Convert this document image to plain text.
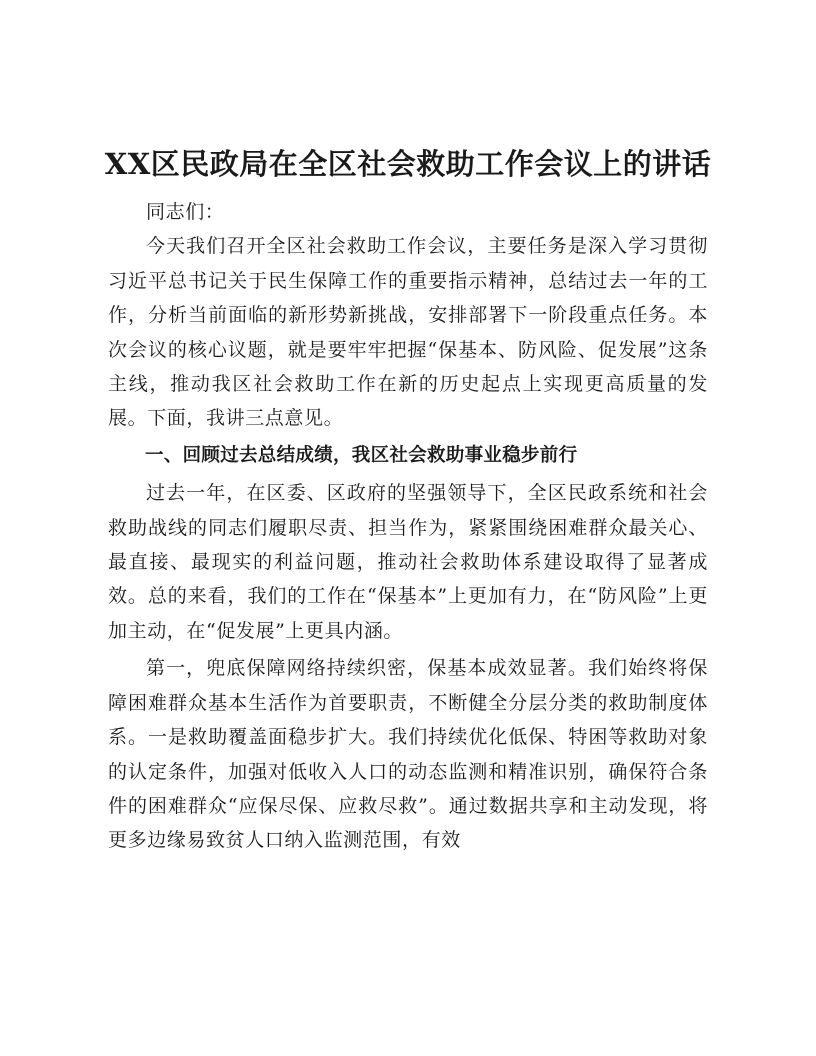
XX区民政局在全区社会救助工作会议上的讲话

同志们：

今天我们召开全区社会救助工作会议，主要任务是深入学习贯彻习近平总书记关于民生保障工作的重要指示精神，总结过去一年的工作，分析当前面临的新形势新挑战，安排部署下一阶段重点任务。本次会议的核心议题，就是要牢牢把握“保基本、防风险、促发展”这条主线，推动我区社会救助工作在新的历史起点上实现更高质量的发展。下面，我讲三点意见。

一、回顾过去总结成绩，我区社会救助事业稳步前行

过去一年，在区委、区政府的坚强领导下，全区民政系统和社会救助战线的同志们履职尽责、担当作为，紧紧围绕困难群众最关心、最直接、最现实的利益问题，推动社会救助体系建设取得了显著成效。总的来看，我们的工作在“保基本”上更加有力，在“防风险”上更加主动，在“促发展”上更具内涵。

第一，兜底保障网络持续织密，保基本成效显著。我们始终将保障困难群众基本生活作为首要职责，不断健全分层分类的救助制度体系。一是救助覆盖面稳步扩大。我们持续优化低保、特困等救助对象的认定条件，加强对低收入人口的动态监测和精准识别，确保符合条件的困难群众“应保尽保、应救尽救”。通过数据共享和主动发现，将更多边缘易致贫人口纳入监测范围，有效
